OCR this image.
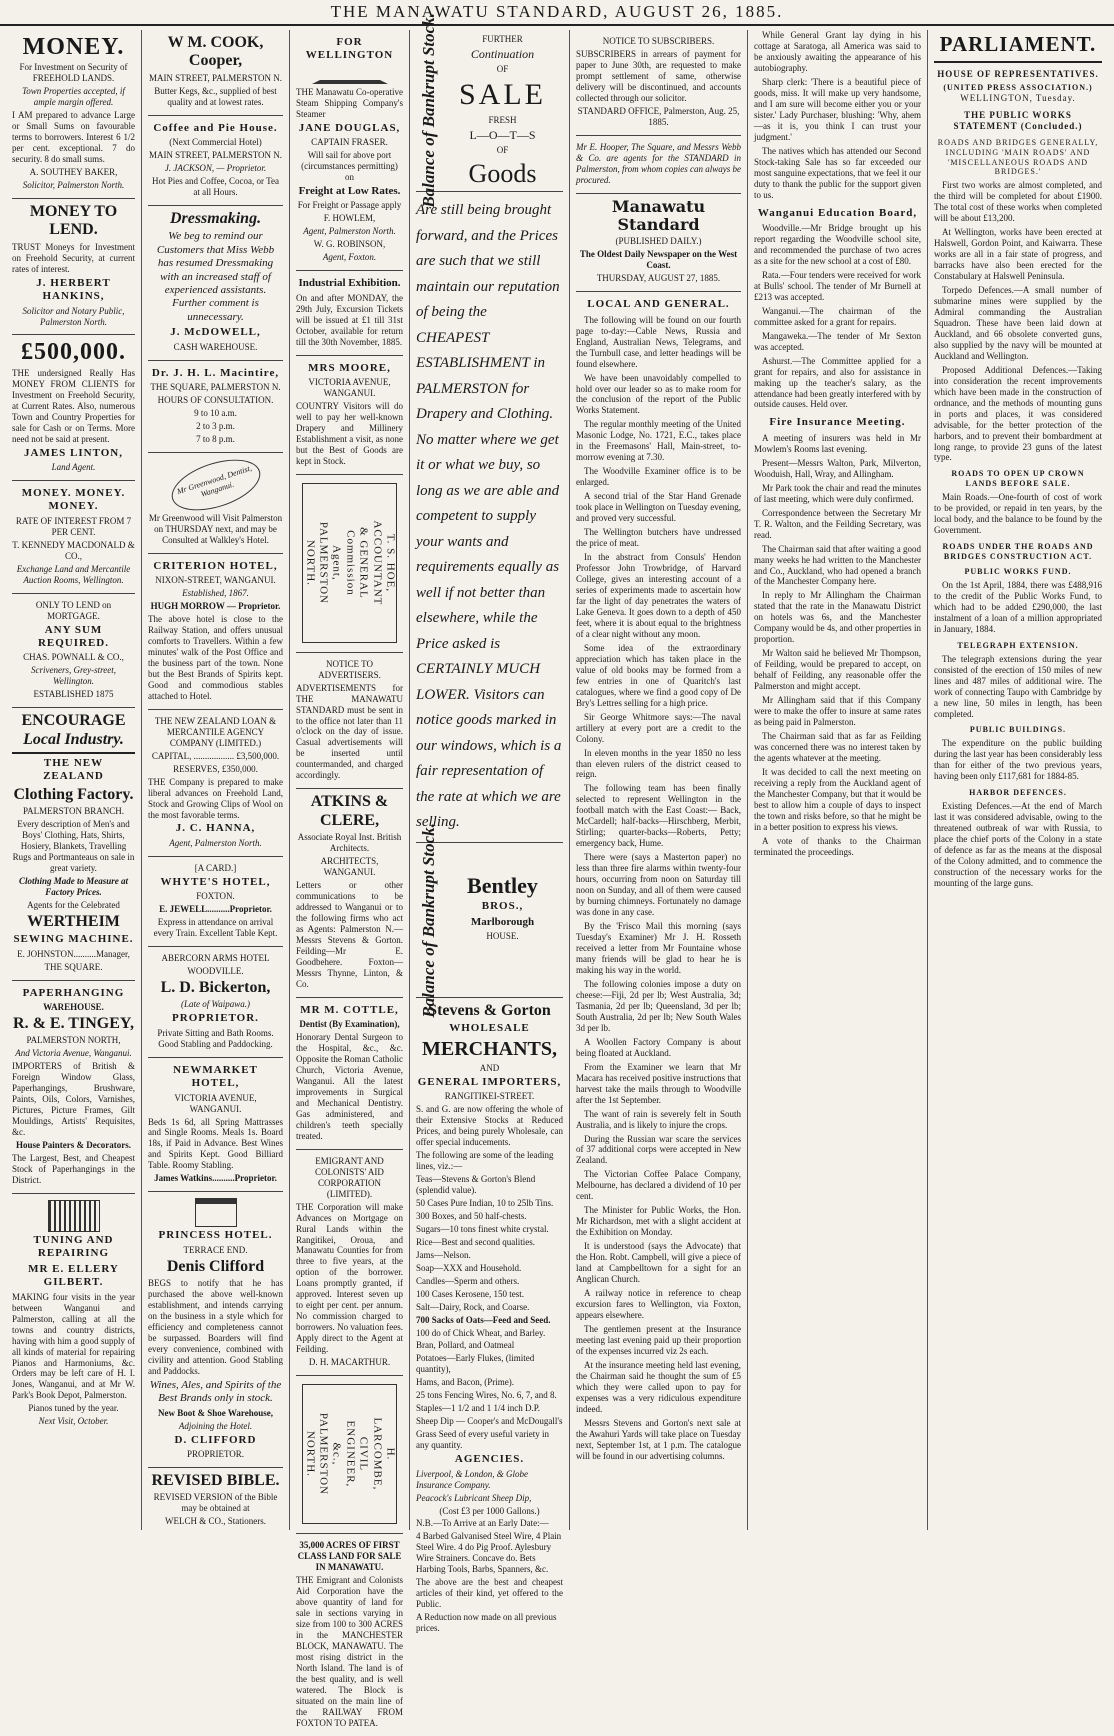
THE MANAWATU STANDARD, AUGUST 26, 1885.
MONEY.

For Investment on Security of FREEHOLD LANDS.

Town Properties accepted, if ample margin offered.

I AM prepared to advance Large or Small Sums on favourable terms to borrowers. Interest 6 1/2 per cent. exceptional. 7 do security. 8 do small sums.

A. SOUTHEY BAKER,

Solicitor, Palmerston North.

MONEY TO LEND.

TRUST Moneys for Investment on Freehold Security, at current rates of interest.

J. HERBERT HANKINS,

Solicitor and Notary Public, Palmerston North.

£500,000.

THE undersigned Really Has MONEY FROM CLIENTS for Investment on Freehold Security, at Current Rates. Also, numerous Town and Country Properties for sale for Cash or on Terms. More need not be said at present.

JAMES LINTON,

Land Agent.

MONEY. MONEY. MONEY.

RATE OF INTEREST FROM 7 PER CENT.

T. KENNEDY MACDONALD & CO.,

Exchange Land and Mercantile Auction Rooms, Wellington.

ONLY TO LEND on MORTGAGE.

ANY SUM REQUIRED.

CHAS. POWNALL & CO.,

Scriveners, Grey-street, Wellington.

ESTABLISHED 1875

ENCOURAGE
Local Industry.

THE NEW ZEALAND

Clothing Factory.

PALMERSTON BRANCH.

Every description of Men's and Boys' Clothing, Hats, Shirts, Hosiery, Blankets, Travelling Rugs and Portmanteaus on sale in great variety.

Clothing Made to Measure at Factory Prices.

Agents for the Celebrated

WERTHEIM

SEWING MACHINE.

E. JOHNSTON..........Manager,

THE SQUARE.

PAPERHANGING

WAREHOUSE.

R. & E. TINGEY,

PALMERSTON NORTH,

And Victoria Avenue, Wanganui.

IMPORTERS of British & Foreign Window Glass, Paperhangings, Brushware, Paints, Oils, Colors, Varnishes, Pictures, Picture Frames, Gilt Mouldings, Artists' Requisites, &c.

House Painters & Decorators.

The Largest, Best, and Cheapest Stock of Paperhangings in the District.

TUNING AND REPAIRING

MR E. ELLERY GILBERT.

MAKING four visits in the year between Wanganui and Palmerston, calling at all the towns and country districts, having with him a good supply of all kinds of material for repairing Pianos and Harmoniums, &c. Orders may be left care of H. I. Jones, Wanganui, and at Mr W. Park's Book Depot, Palmerston.

Pianos tuned by the year.

Next Visit, October.

W M. COOK,
Cooper,

MAIN STREET, PALMERSTON N.

Butter Kegs, &c., supplied of best quality and at lowest rates.

Coffee and Pie House.

(Next Commercial Hotel)

MAIN STREET, PALMERSTON N.

J. JACKSON, — Proprietor.

Hot Pies and Coffee, Cocoa, or Tea at all Hours.

Dressmaking.

We beg to remind our Customers that Miss Webb has resumed Dressmaking with an increased staff of experienced assistants. Further comment is unnecessary.

J. McDOWELL,

CASH WAREHOUSE.

Dr. J. H. L. Macintire,

THE SQUARE, PALMERSTON N.

HOURS OF CONSULTATION.

9 to 10 a.m.

2 to 3 p.m.

7 to 8 p.m.

Mr Greenwood, Dentist, Wanganui.

Mr Greenwood will Visit Palmerston on THURSDAY next, and may be Consulted at Walkley's Hotel.

CRITERION HOTEL,

NIXON-STREET, WANGANUI.

Established, 1867.

HUGH MORROW — Proprietor.

The above hotel is close to the Railway Station, and offers unusual comforts to Travellers. Within a few minutes' walk of the Post Office and the business part of the town. None but the Best Brands of Spirits kept. Good and commodious stables attached to Hotel.

THE NEW ZEALAND LOAN & MERCANTILE AGENCY COMPANY (LIMITED.)

CAPITAL, .................. £3,500,000.

RESERVES, £350,000.

THE Company is prepared to make liberal advances on Freehold Land, Stock and Growing Clips of Wool on the most favorable terms.

J. C. HANNA,

Agent, Palmerston North.

[A CARD.]

WHYTE'S HOTEL,

FOXTON.

E. JEWELL..........Proprietor.

Express in attendance on arrival every Train. Excellent Table Kept.

ABERCORN ARMS HOTEL

WOODVILLE.

L. D. Bickerton,

(Late of Waipawa.)

PROPRIETOR.

Private Sitting and Bath Rooms. Good Stabling and Paddocking.

NEWMARKET HOTEL,

VICTORIA AVENUE, WANGANUI.

Beds 1s 6d, all Spring Mattrasses and Single Rooms. Meals 1s. Board 18s, if Paid in Advance. Best Wines and Spirits Kept. Good Billiard Table. Roomy Stabling.

James Watkins..........Proprietor.

PRINCESS HOTEL.

TERRACE END.

Denis Clifford

BEGS to notify that he has purchased the above well-known establishment, and intends carrying on the business in a style which for efficiency and completeness cannot be surpassed. Boarders will find every convenience, combined with civility and attention. Good Stabling and Paddocks.

Wines, Ales, and Spirits of the Best Brands only in stock.

New Boot & Shoe Warehouse,

Adjoining the Hotel.

D. CLIFFORD

PROPRIETOR.

REVISED BIBLE.

REVISED VERSION of the Bible may be obtained at

WELCH & CO., Stationers.

FOR WELLINGTON

THE Manawatu Co-operative Steam Shipping Company's Steamer

JANE DOUGLAS,

CAPTAIN FRASER.

Will sail for above port (circumstances permitting) on

Freight at Low Rates.

For Freight or Passage apply

F. HOWLEM,

Agent, Palmerston North.

W. G. ROBINSON,

Agent, Foxton.

Industrial Exhibition.

On and after MONDAY, the 29th July, Excursion Tickets will be issued at £1 till 31st October, available for return till the 30th November, 1885.

MRS MOORE,

VICTORIA AVENUE, WANGANUI.

COUNTRY Visitors will do well to pay her well-known Drapery and Millinery Establishment a visit, as none but the Best of Goods are kept in Stock.

T. S. HOE, ACCOUNTANT & GENERAL Commission Agent, PALMERSTON NORTH.

NOTICE TO ADVERTISERS.

ADVERTISEMENTS for THE MANAWATU STANDARD must be sent in to the office not later than 11 o'clock on the day of issue. Casual advertisements will be inserted until countermanded, and charged accordingly.

ATKINS & CLERE,

Associate Royal Inst. British Architects.

ARCHITECTS, WANGANUI.

Letters or other communications to be addressed to Wanganui or to the following firms who act as Agents: Palmerston N.—Messrs Stevens & Gorton. Feilding—Mr E. Goodbehere. Foxton—Messrs Thynne, Linton, & Co.

MR M. COTTLE,

Dentist (By Examination),

Honorary Dental Surgeon to the Hospital, &c., &c. Opposite the Roman Catholic Church, Victoria Avenue, Wanganui. All the latest improvements in Surgical and Mechanical Dentistry. Gas administered, and children's teeth specially treated.

EMIGRANT AND COLONISTS' AID CORPORATION (LIMITED).

THE Corporation will make Advances on Mortgage on Rural Lands within the Rangitikei, Oroua, and Manawatu Counties for from three to five years, at the option of the borrower. Loans promptly granted, if approved. Interest seven up to eight per cent. per annum. No commission charged to borrowers. No valuation fees. Apply direct to the Agent at Feilding.

D. H. MACARTHUR.

H. LARCOMBE, CIVIL ENGINEER, &c., PALMERSTON NORTH.

35,000 ACRES OF FIRST CLASS LAND FOR SALE IN MANAWATU.

THE Emigrant and Colonists Aid Corporation have the above quantity of land for sale in sections varying in size from 100 to 300 ACRES in the MANCHESTER BLOCK, MANAWATU. The most rising district in the North Island. The land is of the best quality, and is well watered. The Block is situated on the main line of the RAILWAY FROM FOXTON TO PATEA.

Balance of Bankrupt Stock.	FURTHER

Continuation

OF

SALE

FRESH

L—O—T—S

OF

Goods

Are still being brought forward, and the Prices are such that we still maintain our reputation of being the CHEAPEST ESTABLISHMENT in PALMERSTON for Drapery and Clothing. No matter where we get it or what we buy, so long as we are able and competent to supply your wants and requirements equally as well if not better than elsewhere, while the Price asked is CERTAINLY MUCH LOWER. Visitors can notice goods marked in our windows, which is a fair representation of the rate at which we are selling.

Balance of Bankrupt Stock.	Bentley

BROS.,

Marlborough

HOUSE.

Stevens & Gorton

WHOLESALE

MERCHANTS,

AND

GENERAL IMPORTERS,

RANGITIKEI-STREET.

S. and G. are now offering the whole of their Extensive Stocks at Reduced Prices, and being purely Wholesale, can offer special inducements.

The following are some of the leading lines, viz.:—

Teas—Stevens & Gorton's Blend (splendid value).

50 Cases Pure Indian, 10 to 25lb Tins.

300 Boxes, and 50 half-chests.

Sugars—10 tons finest white crystal.

Rice—Best and second qualities.

Jams—Nelson.

Soap—XXX and Household.

Candles—Sperm and others.

100 Cases Kerosene, 150 test.

Salt—Dairy, Rock, and Coarse.

700 Sacks of Oats—Feed and Seed.

100 do of Chick Wheat, and Barley.

Bran, Pollard, and Oatmeal

Potatoes—Early Flukes, (limited quantity),

Hams, and Bacon, (Prime).

25 tons Fencing Wires, No. 6, 7, and 8.

Staples—1 1/2 and 1 1/4 inch D.P.

Sheep Dip — Cooper's and McDougall's

Grass Seed of every useful variety in any quantity.

AGENCIES.

Liverpool, & London, & Globe Insurance Company.

Peacock's Lubricant Sheep Dip,

(Cost £3 per 1000 Gallons.)

N.B.—To Arrive at an Early Date:—

4 Barbed Galvanised Steel Wire, 4 Plain Steel Wire. 4 do Pig Proof. Aylesbury Wire Strainers. Concave do. Bets Harbing Tools, Barbs, Spanners, &c.

The above are the best and cheapest articles of their kind, yet offered to the Public.

A Reduction now made on all previous prices.

NOTICE TO SUBSCRIBERS.

SUBSCRIBERS in arrears of payment for paper to June 30th, are requested to make prompt settlement of same, otherwise delivery will be discontinued, and accounts collected through our solicitor.

STANDARD OFFICE, Palmerston, Aug. 25, 1885.

Mr E. Hooper, The Square, and Messrs Webb & Co. are agents for the STANDARD in Palmerston, from whom copies can always be procured.

Manawatu Standard

(PUBLISHED DAILY.)

The Oldest Daily Newspaper on the West Coast.

THURSDAY, AUGUST 27, 1885.

LOCAL AND GENERAL.

The following will be found on our fourth page to-day:—Cable News, Russia and England, Australian News, Telegrams, and the Turnbull case, and letter headings will be found elsewhere.

We have been unavoidably compelled to hold over our leader so as to make room for the conclusion of the report of the Public Works Statement.

The regular monthly meeting of the United Masonic Lodge, No. 1721, E.C., takes place in the Freemasons' Hall, Main-street, to-morrow evening at 7.30.

The Woodville Examiner office is to be enlarged.

A second trial of the Star Hand Grenade took place in Wellington on Tuesday evening, and proved very successful.

The Wellington butchers have undressed the price of meat.

In the abstract from Consuls' Hendon Professor John Trowbridge, of Harvard College, gives an interesting account of a series of experiments made to ascertain how far the light of day penetrates the waters of Lake Geneva. It goes down to a depth of 450 feet, where it is about equal to the brightness of a clear night without any moon.

Some idea of the extraordinary appreciation which has taken place in the value of old books may be formed from a few entries in one of Quaritch's last catalogues, where we find a good copy of De Bry's Lettres selling for a high price.

Sir George Whitmore says:—The naval artillery at every port are a credit to the Colony.

In eleven months in the year 1850 no less than eleven rulers of the district ceased to reign.

The following team has been finally selected to represent Wellington in the football match with the East Coast:— Back, McCardell; half-backs—Hirschberg, Merbit, Stirling; quarter-backs—Roberts, Petty; emergency back, Hume.

There were (says a Masterton paper) no less than three fire alarms within twenty-four hours, occurring from noon on Saturday till noon on Sunday, and all of them were caused by burning chimneys. Fortunately no damage was done in any case.

By the 'Frisco Mail this morning (says Tuesday's Examiner) Mr J. H. Rosseth received a letter from Mr Fountaine whose many friends will be glad to hear he is making his way in the world.

The following colonies impose a duty on cheese:—Fiji, 2d per lb; West Australia, 3d; Tasmania, 2d per lb; Queensland, 3d per lb; South Australia, 2d per lb; New South Wales 3d per lb.

A Woollen Factory Company is about being floated at Auckland.

From the Examiner we learn that Mr Macara has received positive instructions that harvest take the mails through to Woodville after the 1st September.

The want of rain is severely felt in South Australia, and is likely to injure the crops.

During the Russian war scare the services of 37 additional corps were accepted in New Zealand.

The Victorian Coffee Palace Company, Melbourne, has declared a dividend of 10 per cent.

The Minister for Public Works, the Hon. Mr Richardson, met with a slight accident at the Exhibition on Monday.

It is understood (says the Advocate) that the Hon. Robt. Campbell, will give a piece of land at Campbelltown for a sight for an Anglican Church.

A railway notice in reference to cheap excursion fares to Wellington, via Foxton, appears elsewhere.

The gentlemen present at the Insurance meeting last evening paid up their proportion of the expenses incurred viz 2s each.

At the insurance meeting held last evening, the Chairman said he thought the sum of £5 which they were called upon to pay for expenses was a very ridiculous expenditure indeed.

Messrs Stevens and Gorton's next sale at the Awahuri Yards will take place on Tuesday next, September 1st, at 1 p.m. The catalogue will be found in our advertising columns.

While General Grant lay dying in his cottage at Saratoga, all America was said to be anxiously awaiting the appearance of his autobiography.

Sharp clerk: 'There is a beautiful piece of goods, miss. It will make up very handsome, and I am sure will become either you or your sister.' Lady Purchaser, blushing: 'Why, ahem—as it is, you think I can trust your judgment.'

The natives which has attended our Second Stock-taking Sale has so far exceeded our most sanguine expectations, that we feel it our duty to thank the public for the support given to us.

Wanganui Education Board,

Woodville.—Mr Bridge brought up his report regarding the Woodville school site, and recommended the purchase of two acres as a site for the new school at a cost of £80.

Rata.—Four tenders were received for work at Bulls' school. The tender of Mr Burnell at £213 was accepted.

Wanganui.—The chairman of the committee asked for a grant for repairs.

Mangaweka.—The tender of Mr Sexton was accepted.

Ashurst.—The Committee applied for a grant for repairs, and also for assistance in making up the teacher's salary, as the attendance had been greatly interfered with by outside causes. Held over.

Fire Insurance Meeting.

A meeting of insurers was held in Mr Mowlem's Rooms last evening.

Present—Messrs Walton, Park, Milverton, Wooduish, Hall, Wray, and Allingham.

Mr Park took the chair and read the minutes of last meeting, which were duly confirmed.

Correspondence between the Secretary Mr T. R. Walton, and the Feilding Secretary, was read.

The Chairman said that after waiting a good many weeks he had written to the Manchester and Co., Auckland, who had opened a branch of the Manchester Company here.

In reply to Mr Allingham the Chairman stated that the rate in the Manawatu District on hotels was 6s, and the Manchester Company would be 4s, and other properties in proportion.

Mr Walton said he believed Mr Thompson, of Feilding, would be prepared to accept, on behalf of Feilding, any reasonable offer the Palmerston and might accept.

Mr Allingham said that if this Company were to make the offer to insure at same rates as being paid in Palmerston.

The Chairman said that as far as Feilding was concerned there was no interest taken by the agents whatever at the meeting.

It was decided to call the next meeting on receiving a reply from the Auckland agent of the Manchester Company, but that it would be best to allow him a couple of days to inspect the town and risks before, so that he might be in a better position to express his views.

A vote of thanks to the Chairman terminated the proceedings.

PARLIAMENT.
HOUSE OF REPRESENTATIVES.
(UNITED PRESS ASSOCIATION.)
WELLINGTON, Tuesday.
THE PUBLIC WORKS STATEMENT (Concluded.)
ROADS AND BRIDGES GENERALLY, INCLUDING 'MAIN ROADS' AND 'MISCELLANEOUS ROADS AND BRIDGES.'

First two works are almost completed, and the third will be completed for about £1900. The total cost of these works when completed will be about £13,200.

At Wellington, works have been erected at Halswell, Gordon Point, and Kaiwarra. These works are all in a fair state of progress, and barracks have also been erected for the Constabulary at Halswell Peninsula.

Torpedo Defences.—A small number of submarine mines were supplied by the Admiral commanding the Australian Squadron. These have been laid down at Auckland, and 66 obsolete converted guns, also supplied by the navy will be mounted at Auckland and Wellington.

Proposed Additional Defences.—Taking into consideration the recent improvements which have been made in the construction of ordnance, and the methods of mounting guns in ports and places, it was considered advisable, for the better protection of the harbors, and to prevent their bombardment at long range, to provide 23 guns of the latest type.

ROADS TO OPEN UP CROWN LANDS BEFORE SALE.

Main Roads.—One-fourth of cost of work to be provided, or repaid in ten years, by the local body, and the balance to be found by the Government.

ROADS UNDER THE ROADS AND BRIDGES CONSTRUCTION ACT.
PUBLIC WORKS FUND.

On the 1st April, 1884, there was £488,916 to the credit of the Public Works Fund, to which had to be added £290,000, the last instalment of a loan of a million appropriated in January, 1884.

TELEGRAPH EXTENSION.

The telegraph extensions during the year consisted of the erection of 150 miles of new lines and 487 miles of additional wire. The work of connecting Taupo with Cambridge by a new line, 50 miles in length, has been completed.

PUBLIC BUILDINGS.

The expenditure on the public building during the last year has been considerably less than for either of the two previous years, having been only £117,681 for 1884-85.

HARBOR DEFENCES.

Existing Defences.—At the end of March last it was considered advisable, owing to the threatened outbreak of war with Russia, to place the chief ports of the Colony in a state of defence as far as the means at the disposal of the Colony admitted, and to commence the construction of the necessary works for the mounting of the large guns.
